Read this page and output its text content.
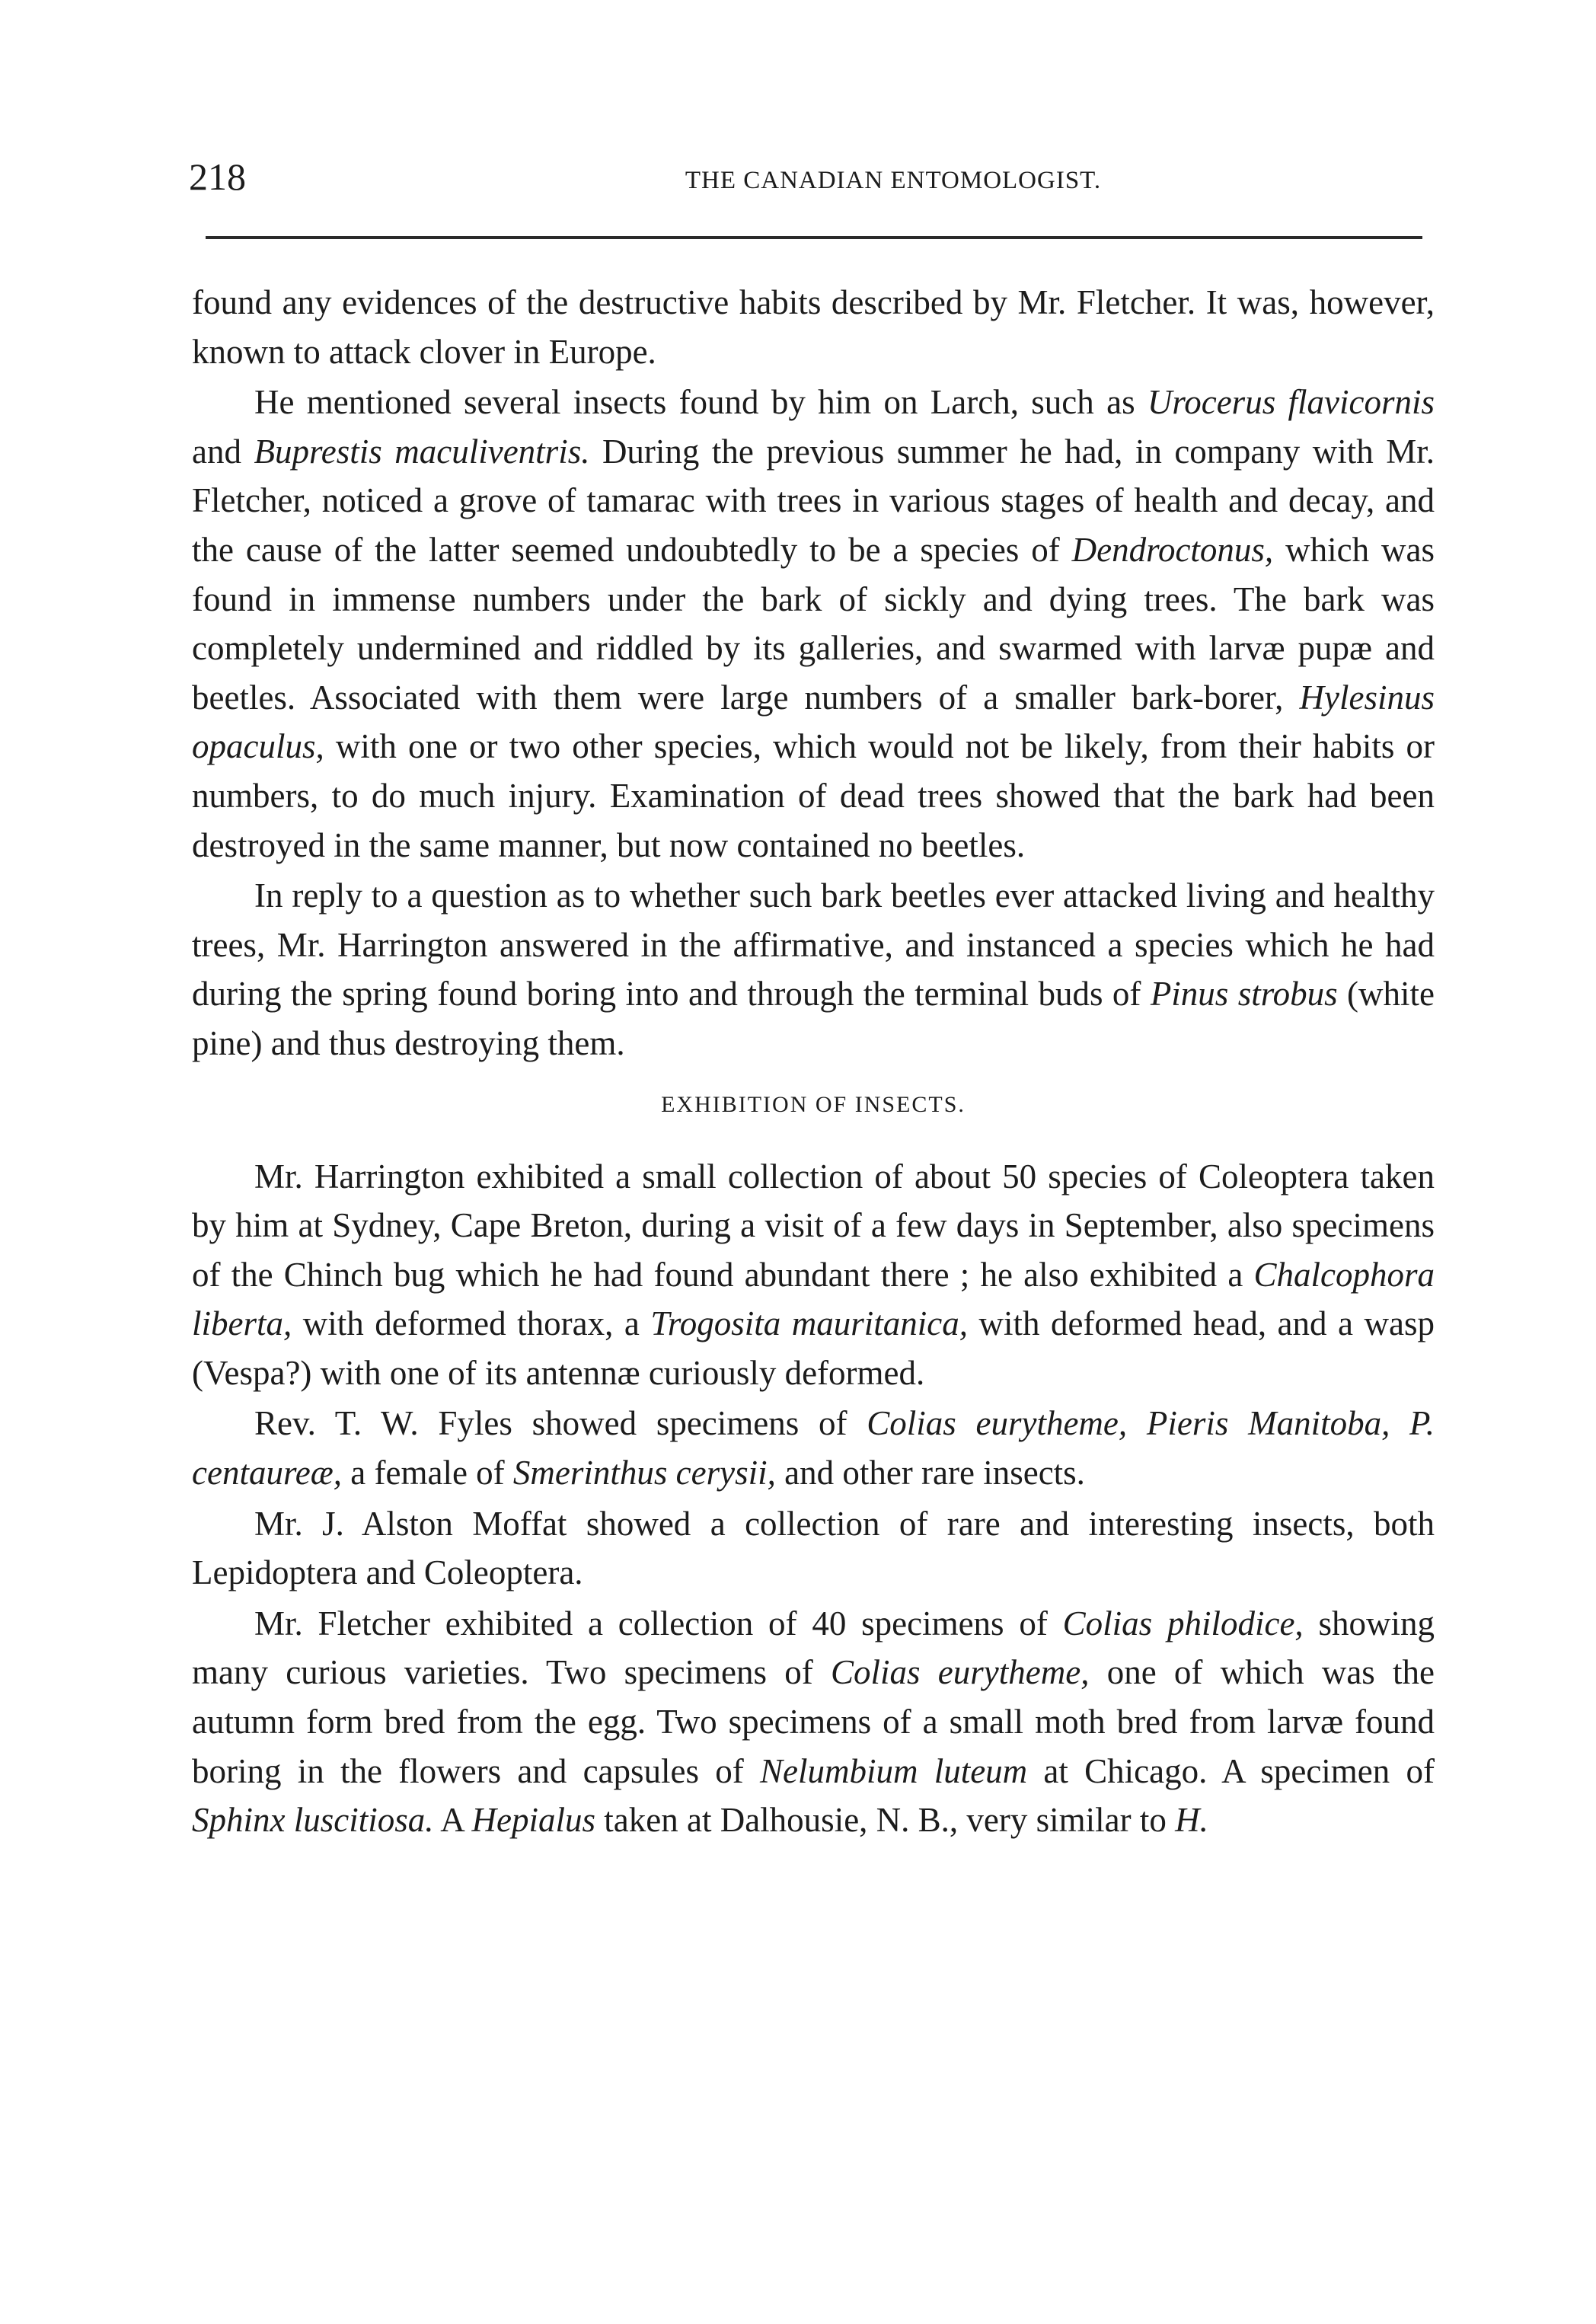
218	THE CANADIAN ENTOMOLOGIST.

found any evidences of the destructive habits described by Mr. Fletcher. It was, however, known to attack clover in Europe.

He mentioned several insects found by him on Larch, such as Urocerus flavicornis and Buprestis maculiventris. During the previous summer he had, in company with Mr. Fletcher, noticed a grove of tamarac with trees in various stages of health and decay, and the cause of the latter seemed undoubtedly to be a species of Dendroctonus, which was found in immense numbers under the bark of sickly and dying trees. The bark was completely undermined and riddled by its galleries, and swarmed with larvæ pupæ and beetles. Associated with them were large numbers of a smaller bark-borer, Hylesinus opaculus, with one or two other species, which would not be likely, from their habits or numbers, to do much injury. Examination of dead trees showed that the bark had been destroyed in the same manner, but now contained no beetles.

In reply to a question as to whether such bark beetles ever attacked living and healthy trees, Mr. Harrington answered in the affirmative, and instanced a species which he had during the spring found boring into and through the terminal buds of Pinus strobus (white pine) and thus destroying them.

EXHIBITION OF INSECTS.

Mr. Harrington exhibited a small collection of about 50 species of Coleoptera taken by him at Sydney, Cape Breton, during a visit of a few days in September, also specimens of the Chinch bug which he had found abundant there ; he also exhibited a Chalcophora liberta, with deformed thorax, a Trogosita mauritanica, with deformed head, and a wasp (Vespa?) with one of its antennæ curiously deformed.

Rev. T. W. Fyles showed specimens of Colias eurytheme, Pieris Manitoba, P. centaureæ, a female of Smerinthus cerysii, and other rare insects.

Mr. J. Alston Moffat showed a collection of rare and interesting insects, both Lepidoptera and Coleoptera.

Mr. Fletcher exhibited a collection of 40 specimens of Colias philodice, showing many curious varieties. Two specimens of Colias eurytheme, one of which was the autumn form bred from the egg. Two specimens of a small moth bred from larvæ found boring in the flowers and capsules of Nelumbium luteum at Chicago. A specimen of Sphinx luscitiosa. A Hepialus taken at Dalhousie, N. B., very similar to H.
